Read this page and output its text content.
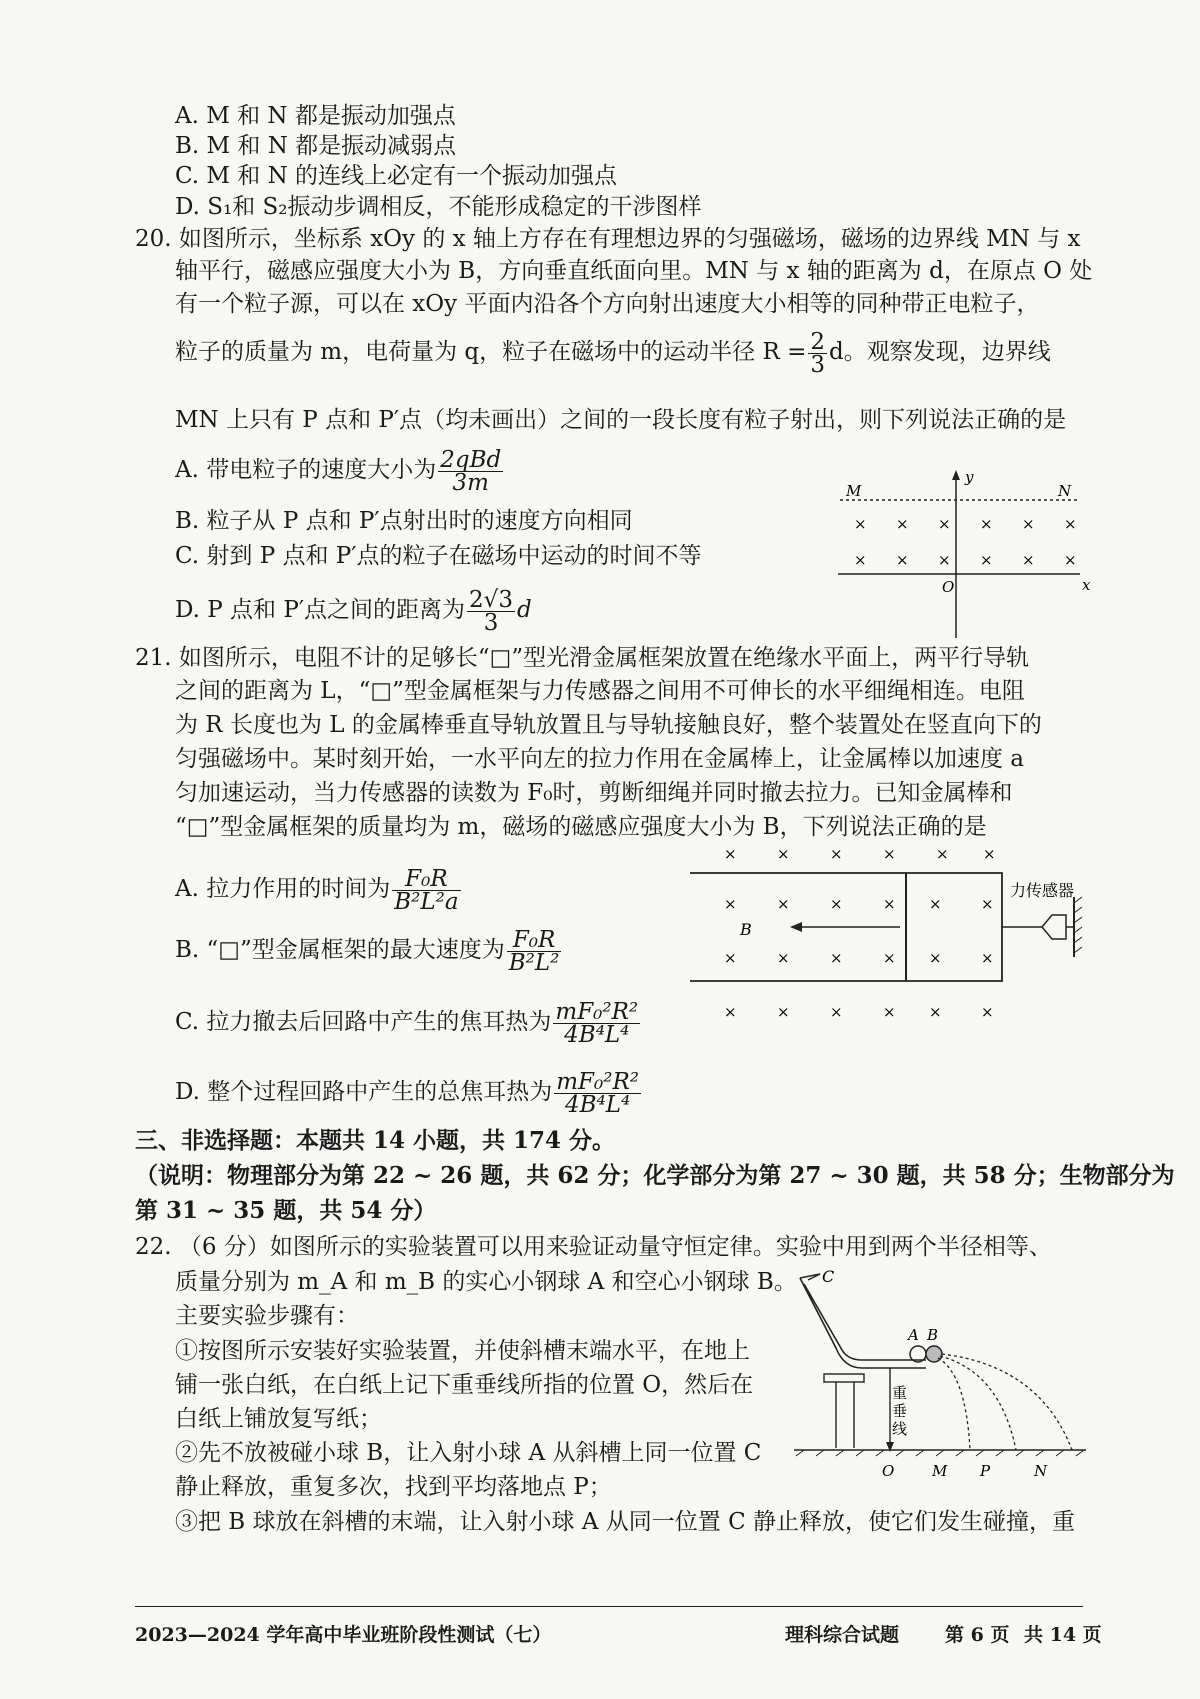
A. M 和 N 都是振动加强点
B. M 和 N 都是振动减弱点
C. M 和 N 的连线上必定有一个振动加强点
D. S₁和 S₂振动步调相反，不能形成稳定的干涉图样
20. 如图所示，坐标系 xOy 的 x 轴上方存在有理想边界的匀强磁场，磁场的边界线 MN 与 x
轴平行，磁感应强度大小为 B，方向垂直纸面向里。MN 与 x 轴的距离为 d，在原点 O 处
有一个粒子源，可以在 xOy 平面内沿各个方向射出速度大小相等的同种带正电粒子，
粒子的质量为 m，电荷量为 q，粒子在磁场中的运动半径 $R = \frac{2}{3}$ d。观察发现，边界线
MN 上只有 P 点和 P′点（均未画出）之间的一段长度有粒子射出，则下列说法正确的是
A. 带电粒子的速度大小为 $\frac{\text{2qBd}}{3m}$
B. 粒子从 P 点和 P′点射出时的速度方向相同
C. 射到 P 点和 P′点的粒子在磁场中运动的时间不等
D. P 点和 P′点之间的距离为 $\frac{2√3}{3}$ d
y
x
O
M	N
× × × × × ×
× × × × × ×
21. 如图所示，电阻不计的足够长“□”型光滑金属框架放置在绝缘水平面上，两平行导轨
之间的距离为 L，“□”型金属框架与力传感器之间用不可伸长的水平细绳相连。电阻
为 R 长度也为 L 的金属棒垂直导轨放置且与导轨接触良好，整个装置处在竖直向下的
匀强磁场中。某时刻开始，一水平向左的拉力作用在金属棒上，让金属棒以加速度 a
匀加速运动，当力传感器的读数为 F₀时，剪断细绳并同时撤去拉力。已知金属棒和
“□”型金属框架的质量均为 m，磁场的磁感应强度大小为 B，下列说法正确的是
A. 拉力作用的时间为 $\frac{\text{F₀R}}{\text{B²L²a}}$
B. “□”型金属框架的最大速度为 $\frac{\text{F₀R}}{\text{B²L²}}$
C. 拉力撤去后回路中产生的焦耳热为 $\frac{\text{mF₀²R²}}{\text{4B⁴L⁴}}$
D. 整个过程回路中产生的总焦耳热为 $\frac{\text{mF₀²R²}}{\text{4B⁴L⁴}}$
×	×	×	×	× ×
×	×	×	× ×	×
×	×	×	× ×	×
×	×	×	× ×	×
B
力传感器
三、非选择题：本题共 14 小题，共 174 分。
（说明：物理部分为第 22 ~ 26 题，共 62 分；化学部分为第 27 ~ 30 题，共 58 分；生物部分为
第 31 ~ 35 题，共 54 分）
22. （6 分）如图所示的实验装置可以用来验证动量守恒定律。实验中用到两个半径相等、
质量分别为 m_A 和 m_B 的实心小钢球 A 和空心小钢球 B。
主要实验步骤有：
①按图所示安装好实验装置，并使斜槽末端水平，在地上
铺一张白纸，在白纸上记下重垂线所指的位置 O，然后在
白纸上铺放复写纸；
②先不放被碰小球 B，让入射小球 A 从斜槽上同一位置 C
静止释放，重复多次，找到平均落地点 P；
③把 B 球放在斜槽的末端，让入射小球 A 从同一位置 C 静止释放，使它们发生碰撞，重
C
A B
重垂线
O	M P	N
2023—2024 学年高中毕业班阶段性测试（七）	理科综合试题 第 6 页 共 14 页
